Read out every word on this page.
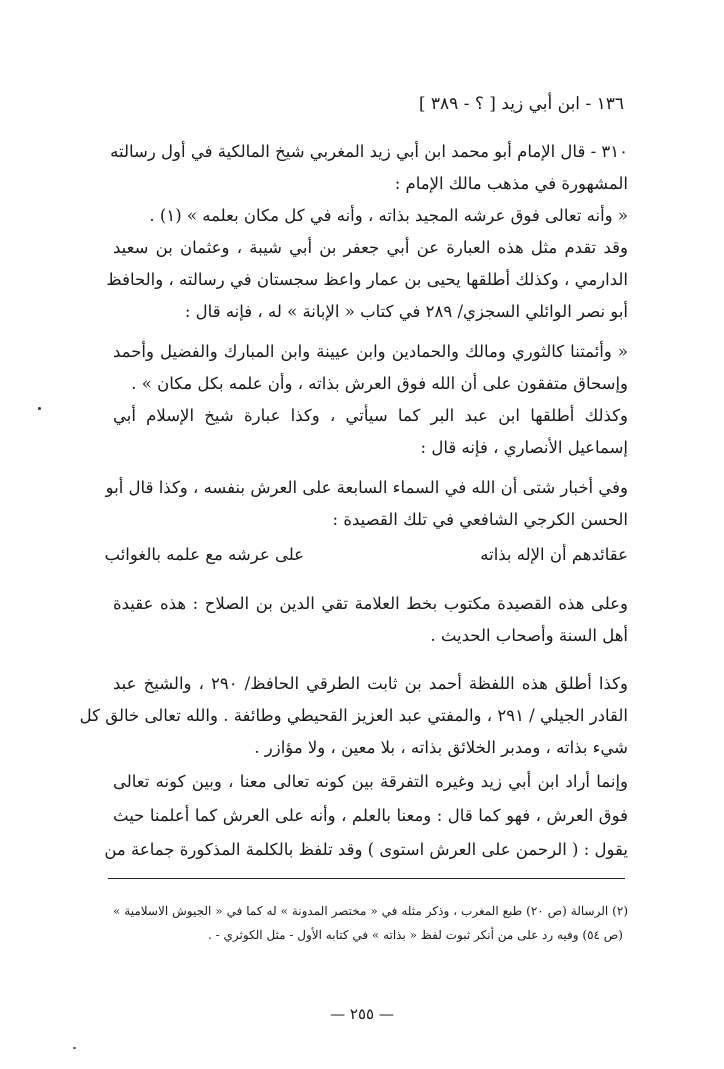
١٣٦ - ابن أبي زيد [ ؟ - ٣٨٩ ]
٣١٠ - قال الإمام أبو محمد ابن أبي زيد المغربي شيخ المالكية في أول رسالته
المشهورة في مذهب مالك الإمام :
« وأنه تعالى فوق عرشه المجيد بذاته ، وأنه في كل مكان بعلمه » (١) .
وقد تقدم مثل هذه العبارة عن أبي جعفر بن أبي شيبة ، وعثمان بن سعيد
الدارمي ، وكذلك أطلقها يحيى بن عمار واعظ سجستان في رسالته ، والحافظ
أبو نصر الوائلي السجزي/ ٢٨٩ في كتاب « الإبانة » له ، فإنه قال :
« وأئمتنا كالثوري ومالك والحمادين وابن عيينة وابن المبارك والفضيل وأحمد
وإسحاق متفقون على أن الله فوق العرش بذاته ، وأن علمه بكل مكان » .
وكذلك أطلقها ابن عبد البر كما سيأتي ، وكذا عبارة شيخ الإسلام أبي
إسماعيل الأنصاري ، فإنه قال :
وفي أخبار شتى أن الله في السماء السابعة على العرش بنفسه ، وكذا قال أبو
الحسن الكرجي الشافعي في تلك القصيدة :
عقائدهم أن الإله بذاته
على عرشه مع علمه بالغوائب
وعلى هذه القصيدة مكتوب بخط العلامة تقي الدين بن الصلاح : هذه عقيدة
أهل السنة وأصحاب الحديث .
وكذا أطلق هذه اللفظة أحمد بن ثابت الطرقي الحافظ/ ٢٩٠ ، والشيخ عبد
القادر الجيلي / ٢٩١ ، والمفتي عبد العزيز القحيطي وطائفة . والله تعالى خالق كل
شيء بذاته ، ومدبر الخلائق بذاته ، بلا معين ، ولا مؤازر .
وإنما أراد ابن أبي زيد وغيره التفرقة بين كونه تعالى معنا ، وبين كونه تعالى
فوق العرش ، فهو كما قال : ومعنا بالعلم ، وأنه على العرش كما أعلمنا حيث
يقول : ( الرحمن على العرش استوى ) وقد تلفظ بالكلمة المذكورة جماعة من
(٢) الرسالة (ص ٢٠) طبع المغرب ، وذكر مثله في « مختصر المدونة » له كما في « الجيوش الاسلامية »
(ص ٥٤) وفيه رد على من أنكر ثبوت لفظ « بذاته » في كتابه الأول - مثل الكوثري - .
— ٢٥٥ —
